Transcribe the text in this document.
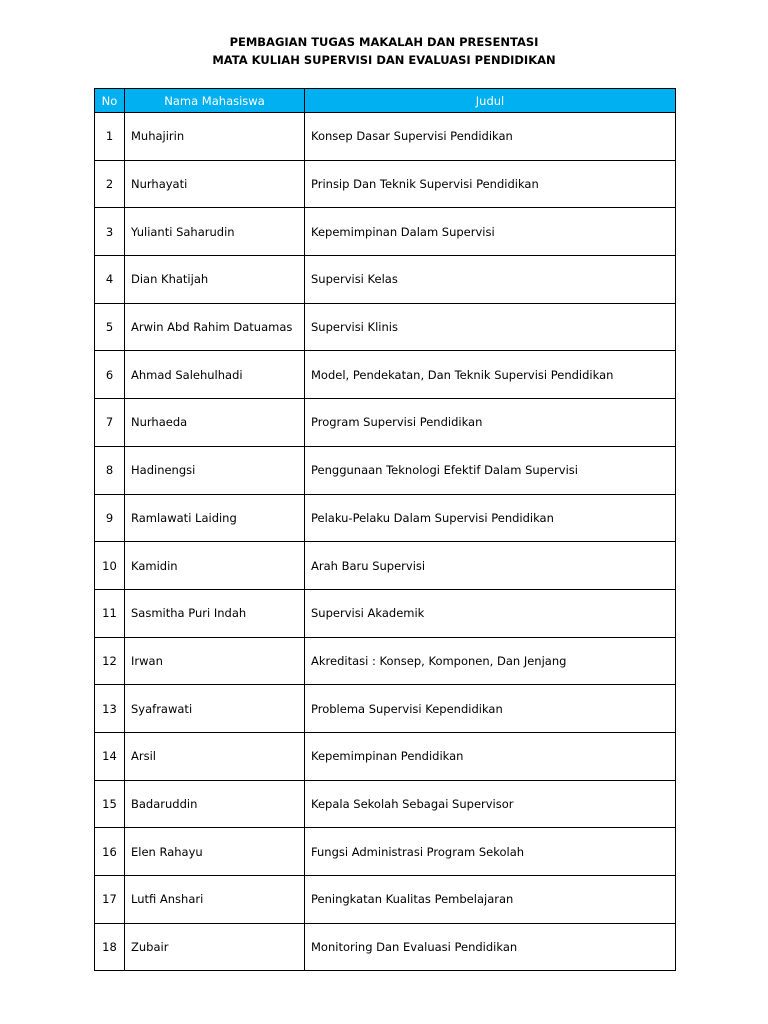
PEMBAGIAN TUGAS MAKALAH DAN PRESENTASI
MATA KULIAH SUPERVISI DAN EVALUASI PENDIDIKAN
No	Nama Mahasiswa	Judul
1	Muhajirin	Konsep Dasar Supervisi Pendidikan
2	Nurhayati	Prinsip Dan Teknik Supervisi Pendidikan
3	Yulianti Saharudin	Kepemimpinan Dalam Supervisi
4	Dian Khatijah	Supervisi Kelas
5	Arwin Abd Rahim Datuamas	Supervisi Klinis
6	Ahmad Salehulhadi	Model, Pendekatan, Dan Teknik Supervisi Pendidikan
7	Nurhaeda	Program Supervisi Pendidikan
8	Hadinengsi	Penggunaan Teknologi Efektif Dalam Supervisi
9	Ramlawati Laiding	Pelaku-Pelaku Dalam Supervisi Pendidikan
10	Kamidin	Arah Baru Supervisi
11	Sasmitha Puri Indah	Supervisi Akademik
12	Irwan	Akreditasi : Konsep, Komponen, Dan Jenjang
13	Syafrawati	Problema Supervisi Kependidikan
14	Arsil	Kepemimpinan Pendidikan
15	Badaruddin	Kepala Sekolah Sebagai Supervisor
16	Elen Rahayu	Fungsi Administrasi Program Sekolah
17	Lutfi Anshari	Peningkatan Kualitas Pembelajaran
18	Zubair	Monitoring Dan Evaluasi Pendidikan
